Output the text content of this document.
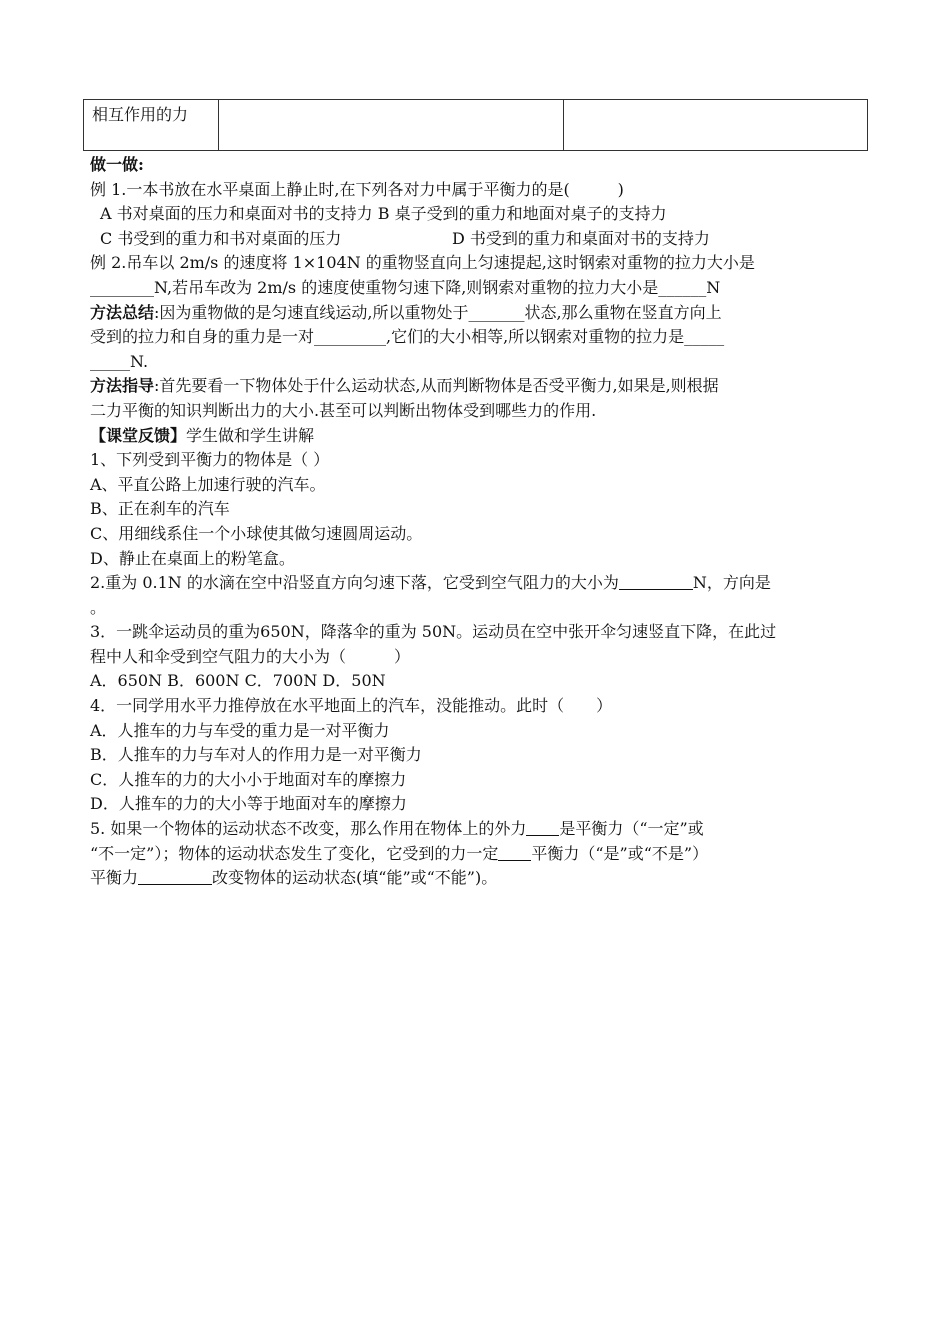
相互作用的力		

做一做:

例 1.一本书放在水平桌面上静止时,在下列各对力中属于平衡力的是(　　　)

A 书对桌面的压力和桌面对书的支持力 B 桌子受到的重力和地面对桌子的支持力

C 书受到的重力和书对桌面的压力	D 书受到的重力和桌面对书的支持力

例 2.吊车以 2m/s 的速度将 1×104N 的重物竖直向上匀速提起,这时钢索对重物的拉力大小是

________N,若吊车改为 2m/s 的速度使重物匀速下降,则钢索对重物的拉力大小是______N

方法总结:因为重物做的是匀速直线运动,所以重物处于_______状态,那么重物在竖直方向上

受到的拉力和自身的重力是一对_________,它们的大小相等,所以钢索对重物的拉力是_____

_____N.

方法指导:首先要看一下物体处于什么运动状态,从而判断物体是否受平衡力,如果是,则根据

二力平衡的知识判断出力的大小.甚至可以判断出物体受到哪些力的作用.

【课堂反馈】学生做和学生讲解

1、下列受到平衡力的物体是（ ）

A、平直公路上加速行驶的汽车。

B、正在刹车的汽车

C、用细线系住一个小球使其做匀速圆周运动。

D、静止在桌面上的粉笔盒。

2.重为 0.1N 的水滴在空中沿竖直方向匀速下落，它受到空气阻力的大小为	N，方向是

。

3．一跳伞运动员的重为650N，降落伞的重为 50N。运动员在空中张开伞匀速竖直下降，在此过

程中人和伞受到空气阻力的大小为（　　　）

A．650N B．600N C．700N D．50N

4．一同学用水平力推停放在水平地面上的汽车，没能推动。此时（　　）

A．人推车的力与车受的重力是一对平衡力

B．人推车的力与车对人的作用力是一对平衡力

C．人推车的力的大小小于地面对车的摩擦力

D．人推车的力的大小等于地面对车的摩擦力

5. 如果一个物体的运动状态不改变，那么作用在物体上的外力 是平衡力（“一定”或

“不一定”）；物体的运动状态发生了变化，它受到的力一定 平衡力（“是”或“不是”）

平衡力	改变物体的运动状态(填“能”或“不能”)。
